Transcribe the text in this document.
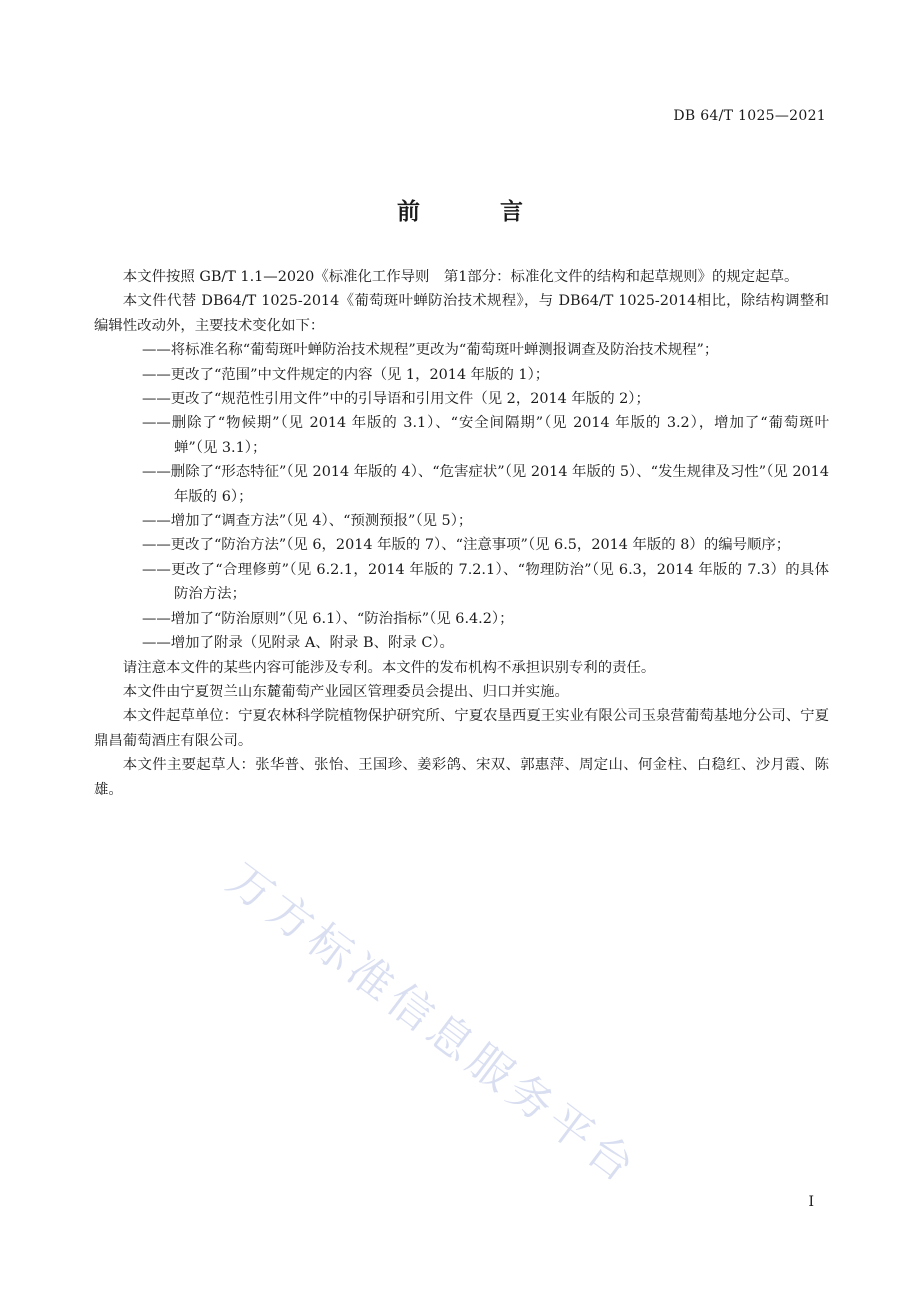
DB 64/T 1025—2021
前 言

本文件按照 GB/T 1.1—2020《标准化工作导则　第1部分：标准化文件的结构和起草规则》的规定起草。

本文件代替 DB64/T 1025-2014《葡萄斑叶蝉防治技术规程》，与 DB64/T 1025-2014相比，除结构调整和编辑性改动外，主要技术变化如下：

——将标准名称“葡萄斑叶蝉防治技术规程”更改为“葡萄斑叶蝉测报调查及防治技术规程”；

——更改了“范围”中文件规定的内容（见 1，2014 年版的 1）；

——更改了“规范性引用文件”中的引导语和引用文件（见 2，2014 年版的 2）；

——删除了“物候期”（见 2014 年版的 3.1）、“安全间隔期”（见 2014 年版的 3.2），增加了“葡萄斑叶蝉”（见 3.1）；

——删除了“形态特征”（见 2014 年版的 4）、“危害症状”（见 2014 年版的 5）、“发生规律及习性”（见 2014 年版的 6）；

——增加了“调查方法”（见 4）、“预测预报”（见 5）；

——更改了“防治方法”（见 6，2014 年版的 7）、“注意事项”（见 6.5，2014 年版的 8）的编号顺序；

——更改了“合理修剪”（见 6.2.1，2014 年版的 7.2.1）、“物理防治”（见 6.3，2014 年版的 7.3）的具体防治方法；

——增加了“防治原则”（见 6.1）、“防治指标”（见 6.4.2）；

——增加了附录（见附录 A、附录 B、附录 C）。

请注意本文件的某些内容可能涉及专利。本文件的发布机构不承担识别专利的责任。

本文件由宁夏贺兰山东麓葡萄产业园区管理委员会提出、归口并实施。

本文件起草单位：宁夏农林科学院植物保护研究所、宁夏农垦西夏王实业有限公司玉泉营葡萄基地分公司、宁夏鼎昌葡萄酒庄有限公司。

本文件主要起草人：张华普、张怡、王国珍、姜彩鸽、宋双、郭惠萍、周定山、何金柱、白稳红、沙月霞、陈雄。

万方标准信息服务平台
I
